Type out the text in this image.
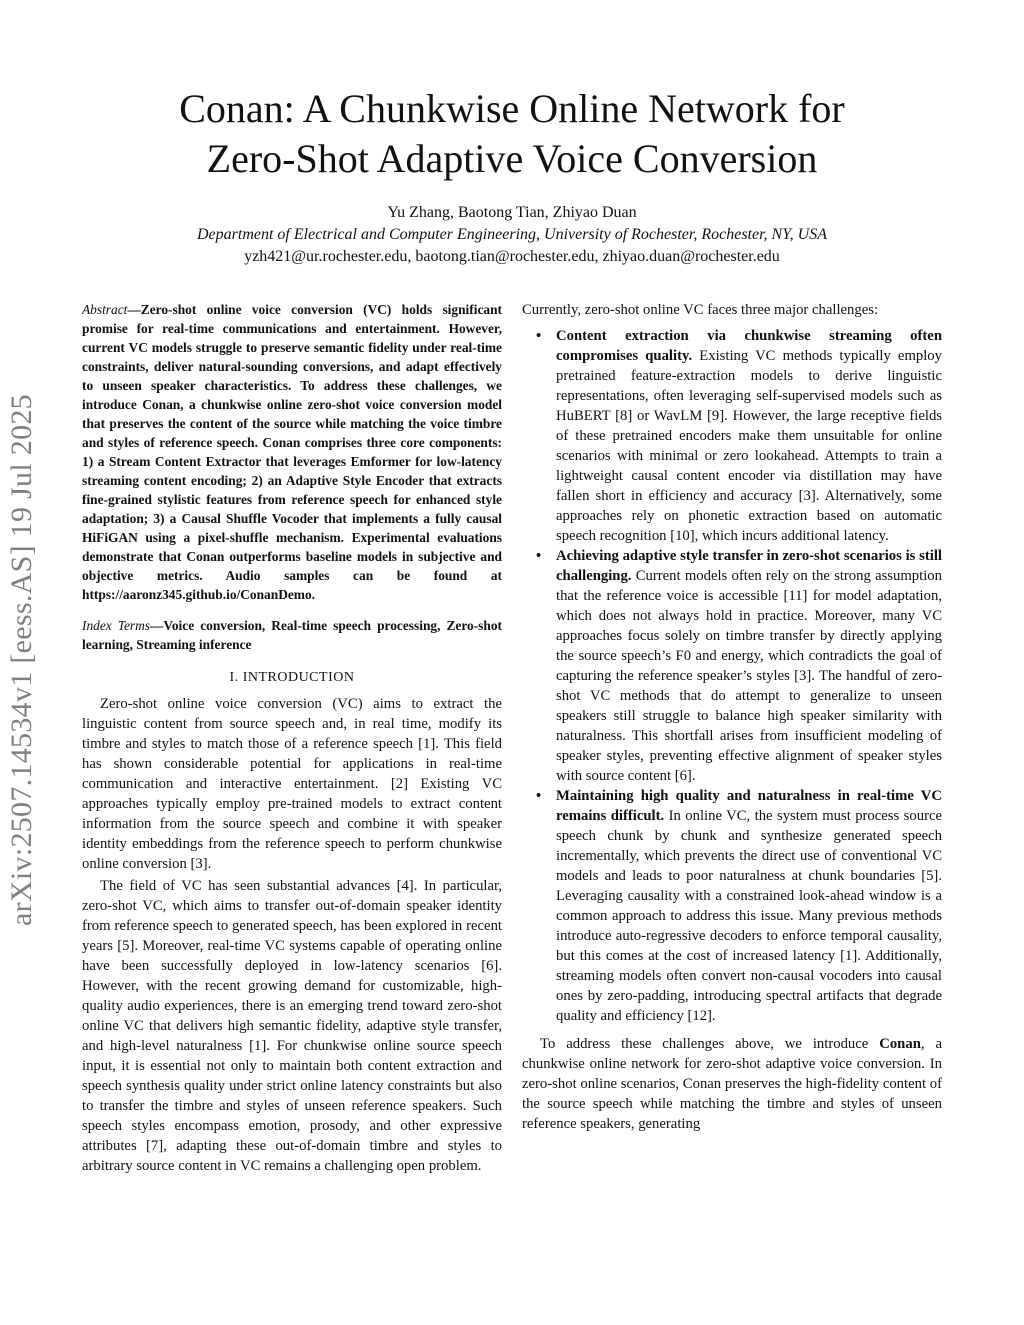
arXiv:2507.14534v1 [eess.AS] 19 Jul 2025
Conan: A Chunkwise Online Network for
Zero-Shot Adaptive Voice Conversion
Yu Zhang, Baotong Tian, Zhiyao Duan
Department of Electrical and Computer Engineering, University of Rochester, Rochester, NY, USA
yzh421@ur.rochester.edu, baotong.tian@rochester.edu, zhiyao.duan@rochester.edu

Abstract—Zero-shot online voice conversion (VC) holds significant promise for real-time communications and entertainment. However, current VC models struggle to preserve semantic fidelity under real-time constraints, deliver natural-sounding conversions, and adapt effectively to unseen speaker characteristics. To address these challenges, we introduce Conan, a chunkwise online zero-shot voice conversion model that preserves the content of the source while matching the voice timbre and styles of reference speech. Conan comprises three core components: 1) a Stream Content Extractor that leverages Emformer for low-latency streaming content encoding; 2) an Adaptive Style Encoder that extracts fine-grained stylistic features from reference speech for enhanced style adaptation; 3) a Causal Shuffle Vocoder that implements a fully causal HiFiGAN using a pixel-shuffle mechanism. Experimental evaluations demonstrate that Conan outperforms baseline models in subjective and objective metrics. Audio samples can be found at https://aaronz345.github.io/ConanDemo.

Index Terms—Voice conversion, Real-time speech processing, Zero-shot learning, Streaming inference

I. INTRODUCTION

Zero-shot online voice conversion (VC) aims to extract the linguistic content from source speech and, in real time, modify its timbre and styles to match those of a reference speech [1]. This field has shown considerable potential for applications in real-time communication and interactive entertainment. [2] Existing VC approaches typically employ pre-trained models to extract content information from the source speech and combine it with speaker identity embeddings from the reference speech to perform chunkwise online conversion [3].

The field of VC has seen substantial advances [4]. In particular, zero-shot VC, which aims to transfer out-of-domain speaker identity from reference speech to generated speech, has been explored in recent years [5]. Moreover, real-time VC systems capable of operating online have been successfully deployed in low-latency scenarios [6]. However, with the recent growing demand for customizable, high-quality audio experiences, there is an emerging trend toward zero-shot online VC that delivers high semantic fidelity, adaptive style transfer, and high-level naturalness [1]. For chunkwise online source speech input, it is essential not only to maintain both content extraction and speech synthesis quality under strict online latency constraints but also to transfer the timbre and styles of unseen reference speakers. Such speech styles encompass emotion, prosody, and other expressive attributes [7], adapting these out-of-domain timbre and styles to arbitrary source content in VC remains a challenging open problem.

Currently, zero-shot online VC faces three major challenges:

• Content extraction via chunkwise streaming often compromises quality. Existing VC methods typically employ pretrained feature-extraction models to derive linguistic representations, often leveraging self-supervised models such as HuBERT [8] or WavLM [9]. However, the large receptive fields of these pretrained encoders make them unsuitable for online scenarios with minimal or zero lookahead. Attempts to train a lightweight causal content encoder via distillation may have fallen short in efficiency and accuracy [3]. Alternatively, some approaches rely on phonetic extraction based on automatic speech recognition [10], which incurs additional latency.
• Achieving adaptive style transfer in zero-shot scenarios is still challenging. Current models often rely on the strong assumption that the reference voice is accessible [11] for model adaptation, which does not always hold in practice. Moreover, many VC approaches focus solely on timbre transfer by directly applying the source speech’s F0 and energy, which contradicts the goal of capturing the reference speaker’s styles [3]. The handful of zero-shot VC methods that do attempt to generalize to unseen speakers still struggle to balance high speaker similarity with naturalness. This shortfall arises from insufficient modeling of speaker styles, preventing effective alignment of speaker styles with source content [6].
• Maintaining high quality and naturalness in real-time VC remains difficult. In online VC, the system must process source speech chunk by chunk and synthesize generated speech incrementally, which prevents the direct use of conventional VC models and leads to poor naturalness at chunk boundaries [5]. Leveraging causality with a constrained look-ahead window is a common approach to address this issue. Many previous methods introduce auto-regressive decoders to enforce temporal causality, but this comes at the cost of increased latency [1]. Additionally, streaming models often convert non-causal vocoders into causal ones by zero-padding, introducing spectral artifacts that degrade quality and efficiency [12].

To address these challenges above, we introduce Conan, a chunkwise online network for zero-shot adaptive voice conversion. In zero-shot online scenarios, Conan preserves the high-fidelity content of the source speech while matching the timbre and styles of unseen reference speakers, generating
